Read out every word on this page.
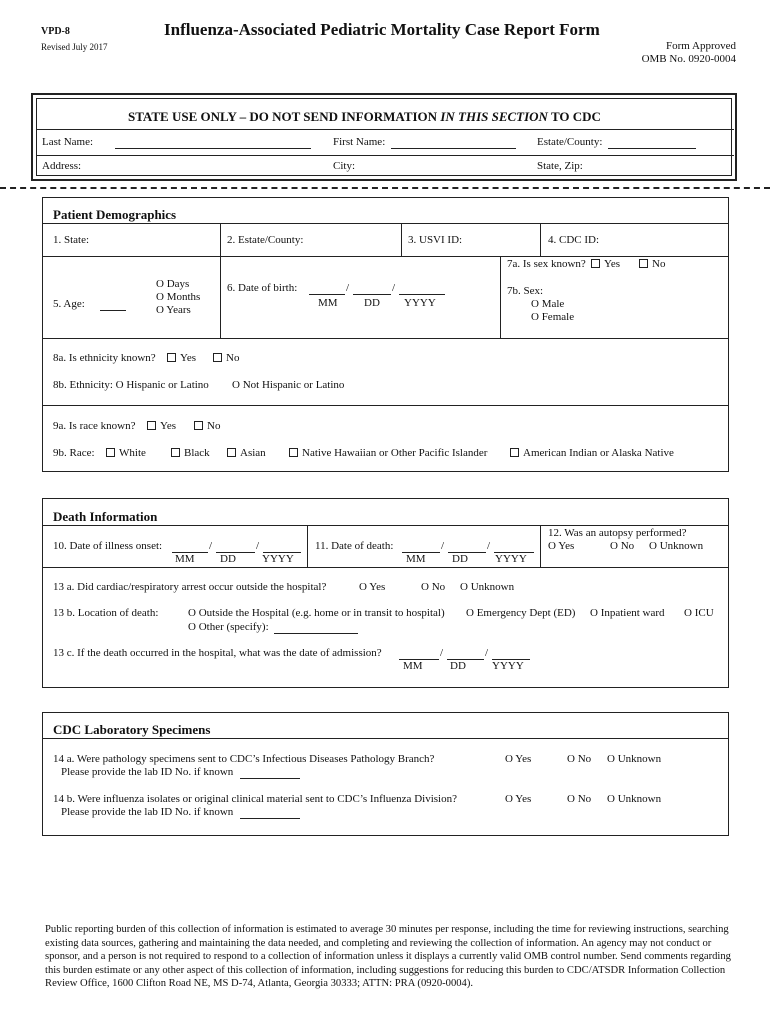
VPD-8
Revised July 2017
Influenza-Associated Pediatric Mortality Case Report Form
Form Approved
OMB No. 0920-0004
STATE USE ONLY – DO NOT SEND INFORMATION IN THIS SECTION TO CDC
Last Name:	First Name:	Estate/County:
Address:	City:	State, Zip:
Patient Demographics
1. State:	2. Estate/County:	3. USVI ID:	4. CDC ID:
5. Age:
O Days
O Months
O Years
6. Date of birth:	/	/
MM DD YYYY
7a. Is sex known?	Yes	No
7b. Sex:
O Male
O Female
8a. Is ethnicity known?	Yes	No
8b. Ethnicity: O Hispanic or Latino O Not Hispanic or Latino
9a. Is race known?	Yes	No
9b. Race:	White	Black	Asian	Native Hawaiian or Other Pacific Islander	American Indian or Alaska Native
Death Information
10. Date of illness onset:	/	/
MM DD YYYY
11. Date of death:	/	/
MM DD YYYY
12. Was an autopsy performed?
O Yes	O No O Unknown
13 a. Did cardiac/respiratory arrest occur outside the hospital?	O Yes	O No O Unknown
13 b. Location of death:	O Outside the Hospital (e.g. home or in transit to hospital) O Emergency Dept (ED) O Inpatient ward O ICU
O Other (specify):
13 c. If the death occurred in the hospital, what was the date of admission?	/	/
MM DD YYYY
CDC Laboratory Specimens
14 a. Were pathology specimens sent to CDC’s Infectious Diseases Pathology Branch?	O Yes	O No O Unknown
Please provide the lab ID No. if known
14 b. Were influenza isolates or original clinical material sent to CDC’s Influenza Division?	O Yes	O No O Unknown
Please provide the lab ID No. if known
Public reporting burden of this collection of information is estimated to average 30 minutes per response, including the time for reviewing instructions, searching existing data sources, gathering and maintaining the data needed, and completing and reviewing the collection of information. An agency may not conduct or sponsor, and a person is not required to respond to a collection of information unless it displays a currently valid OMB control number. Send comments regarding this burden estimate or any other aspect of this collection of information, including suggestions for reducing this burden to CDC/ATSDR Information Collection Review Office, 1600 Clifton Road NE, MS D-74, Atlanta, Georgia 30333; ATTN: PRA (0920-0004).
